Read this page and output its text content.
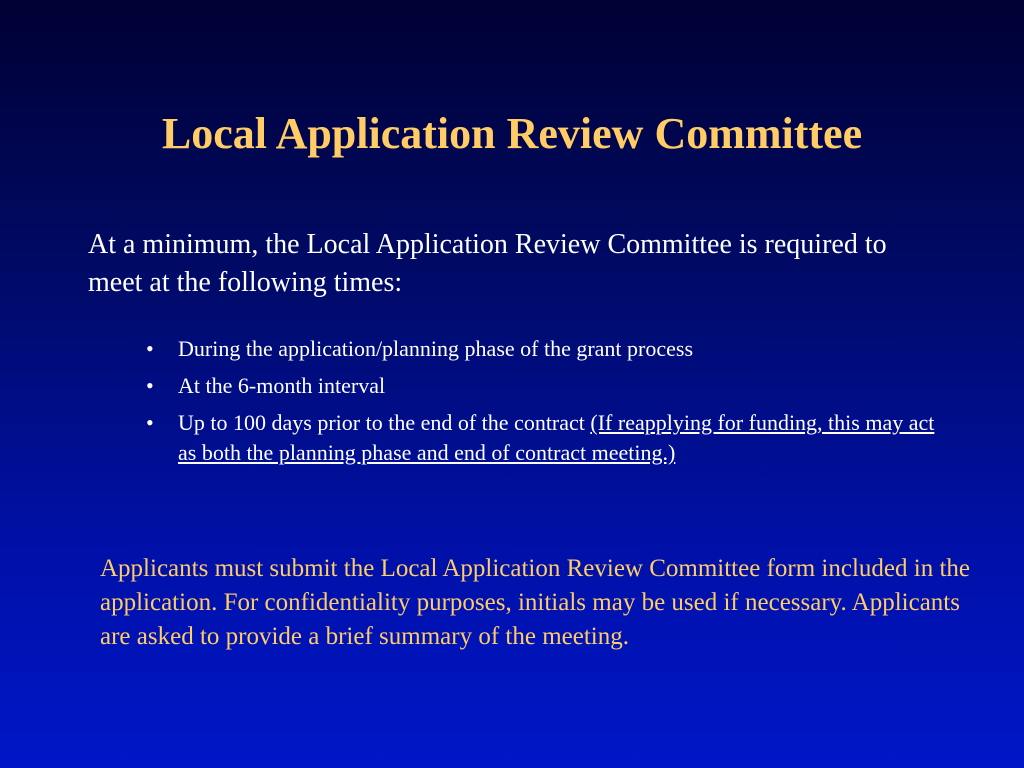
Local Application Review Committee

At a minimum, the Local Application Review Committee is required to meet at the following times:

• During the application/planning phase of the grant process
• At the 6-month interval
• Up to 100 days prior to the end of the contract (If reapplying for funding, this may act as both the planning phase and end of contract meeting.)

Applicants must submit the Local Application Review Committee form included in the application. For confidentiality purposes, initials may be used if necessary. Applicants are asked to provide a brief summary of the meeting.
